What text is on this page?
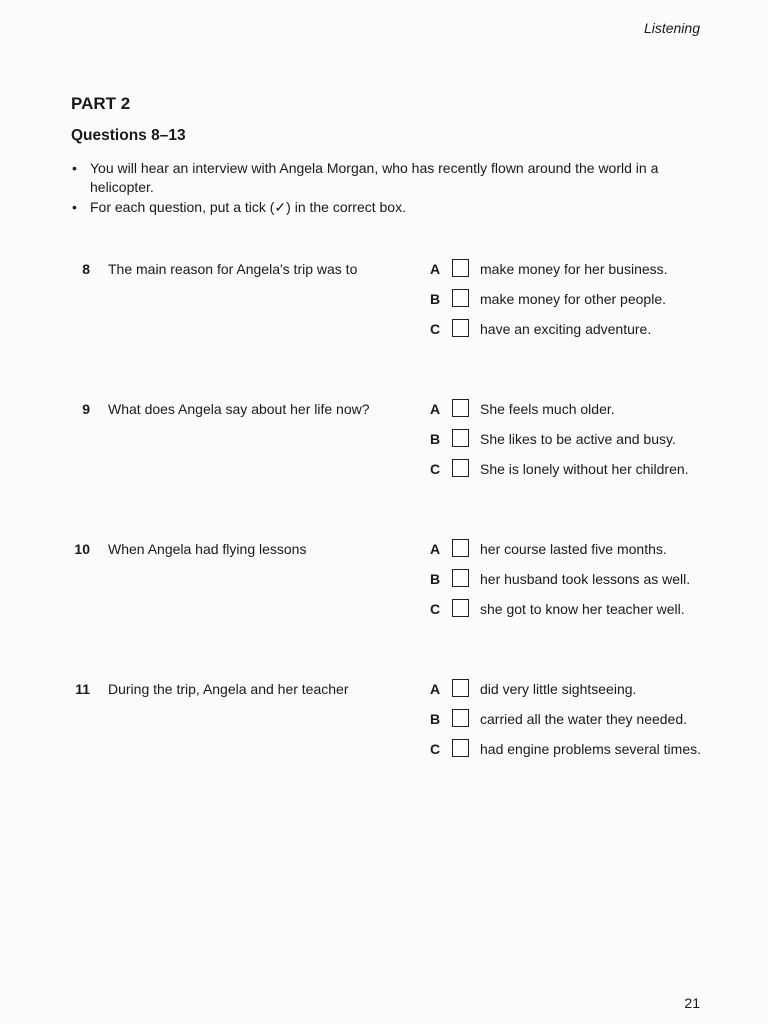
Listening
PART 2
Questions 8–13
• You will hear an interview with Angela Morgan, who has recently flown around the world in a helicopter.
• For each question, put a tick (✓) in the correct box.
8 The main reason for Angela's trip was to	A	make money for her business.
B	make money for other people.
C	have an exciting adventure.
9 What does Angela say about her life now?	A	She feels much older.
B	She likes to be active and busy.
C	She is lonely without her children.
10 When Angela had flying lessons	A	her course lasted five months.
B	her husband took lessons as well.
C	she got to know her teacher well.
11 During the trip, Angela and her teacher	A	did very little sightseeing.
B	carried all the water they needed.
C	had engine problems several times.
21
